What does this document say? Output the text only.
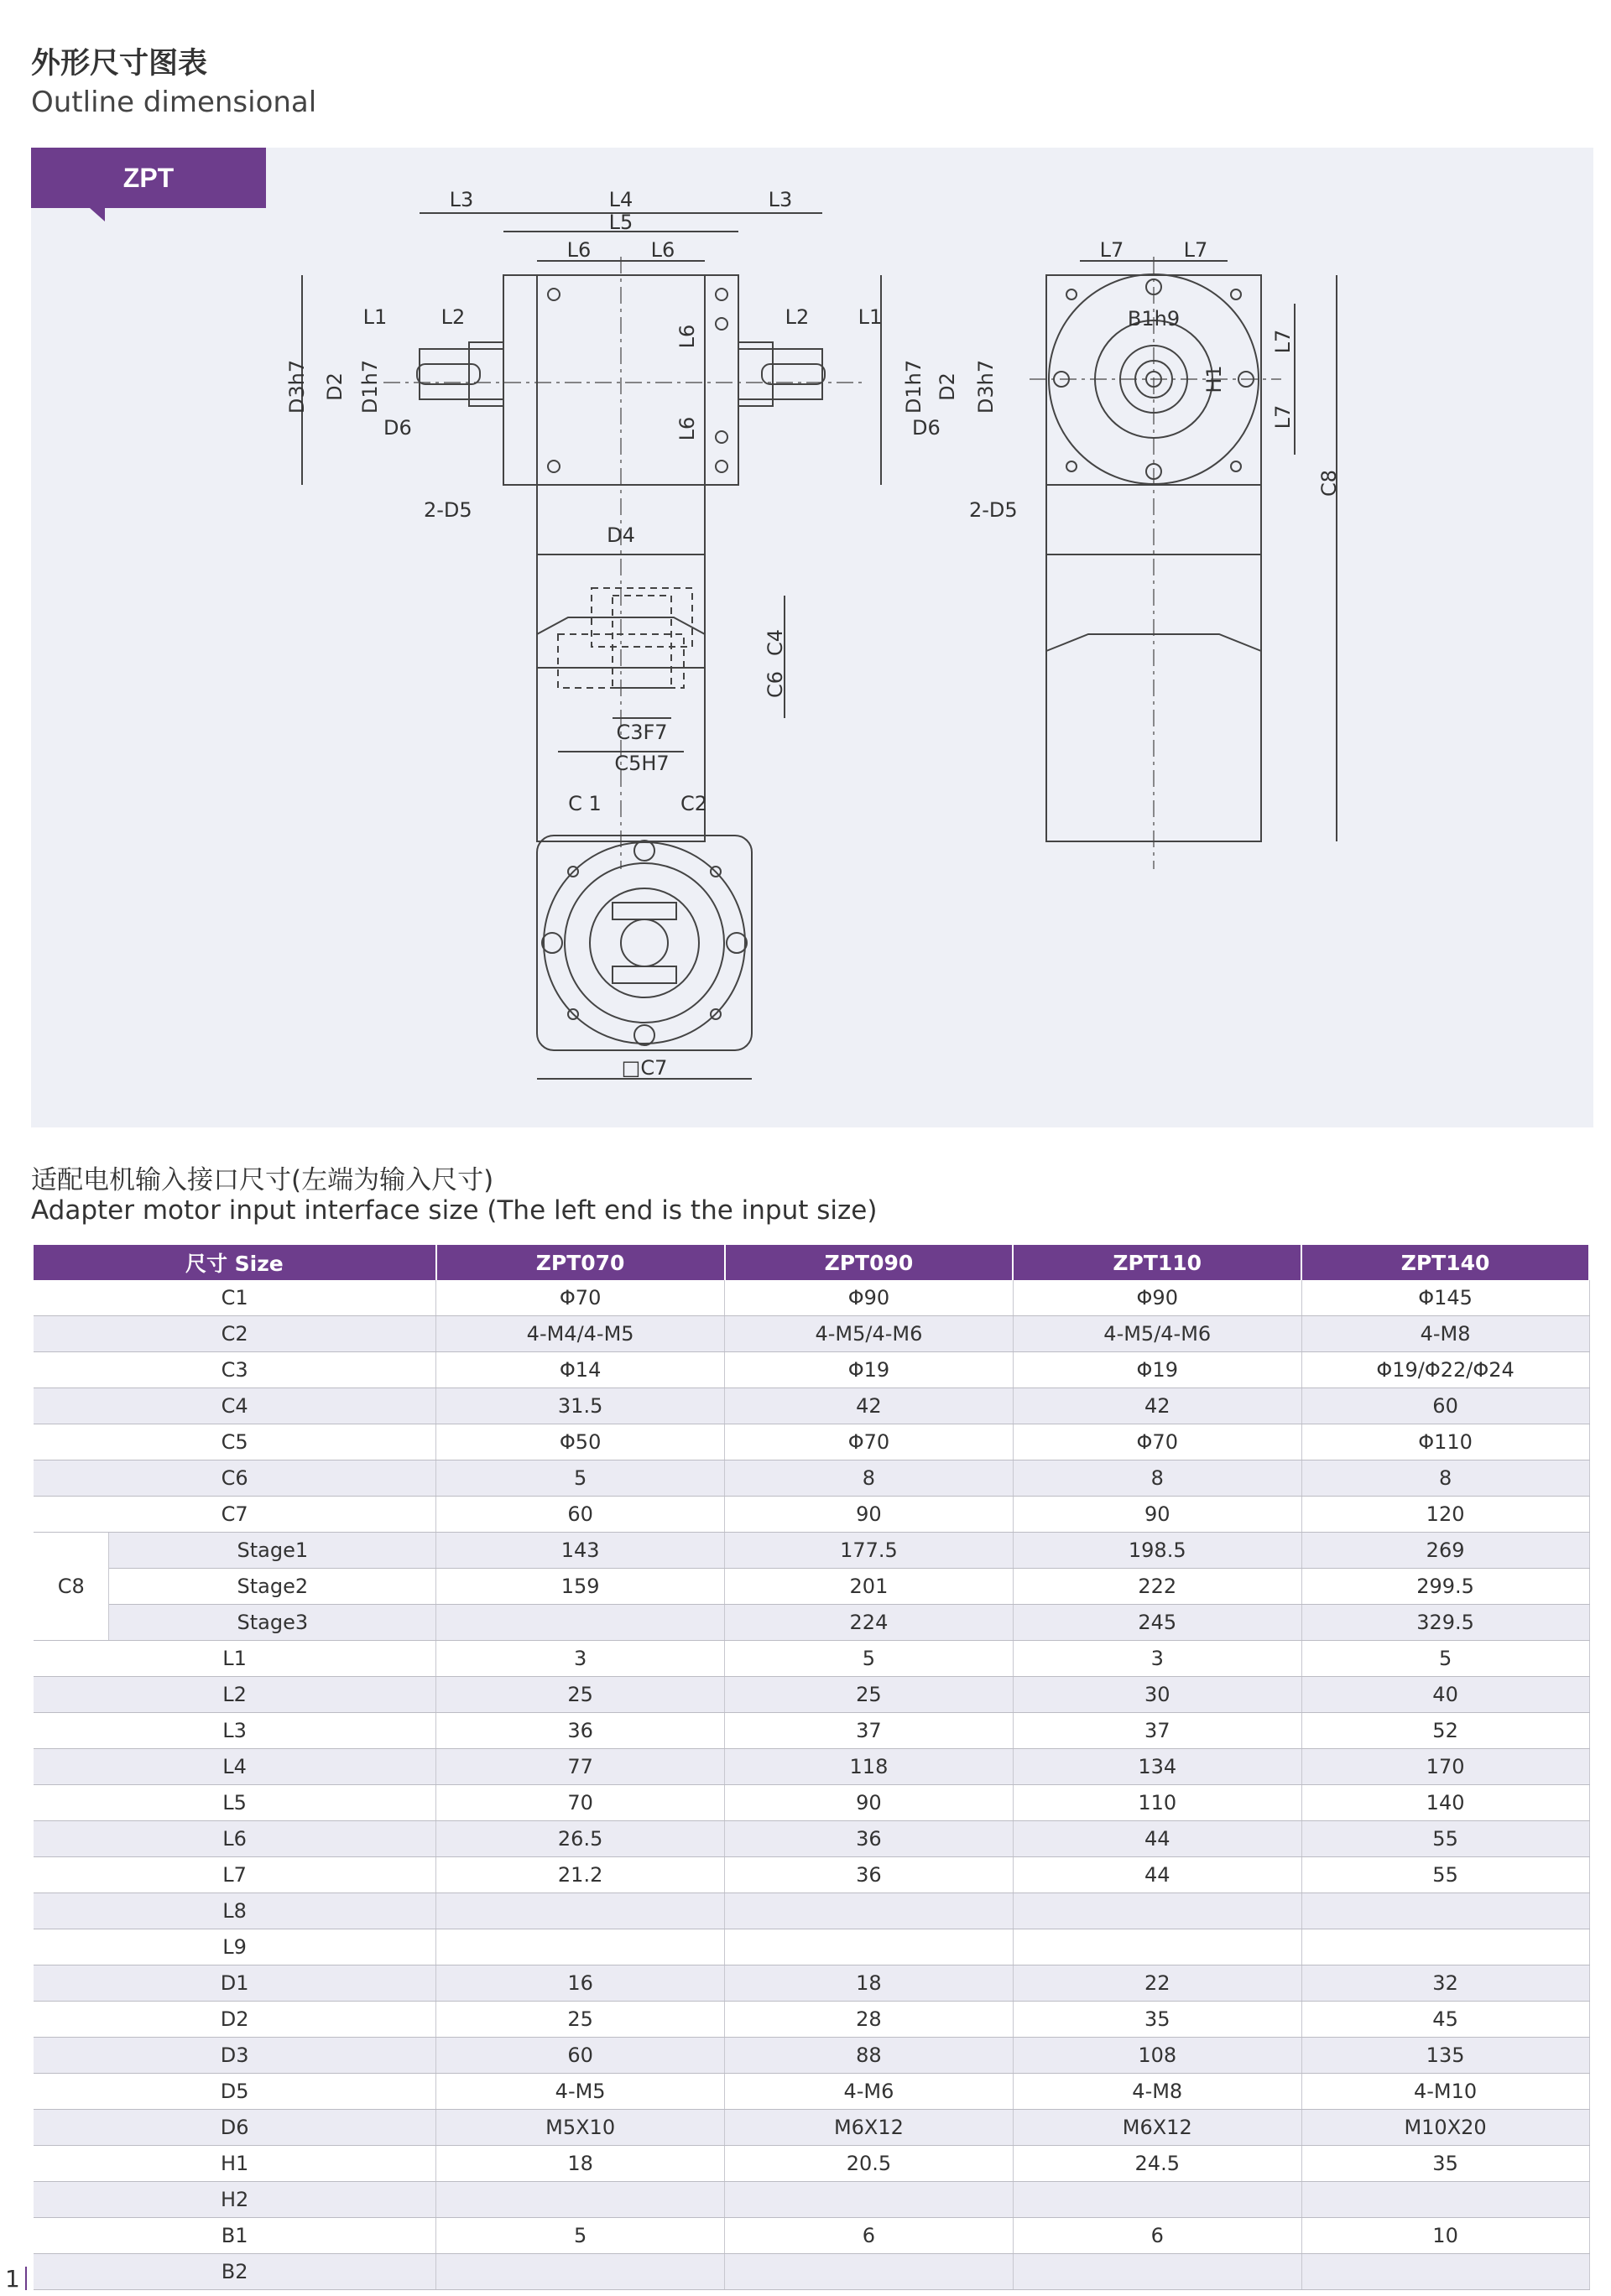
外形尺寸图表
Outline dimensional
ZPT
L3	L4	L3
L5
L6	L6
L1	L2	L2 L1
D6	D6
2-D5	2-D5
D4
C3F7
C5H7
C 1	C2
□C7
L7	L7
B1h9
D3h7 D2 D1h7	D1h7 D2 D3h7
L6
L6
C4
C6
H1
L7
L7
C8
适配电机输入接口尺寸(左端为输入尺寸)
Adapter motor input interface size (The left end is the input size)
尺寸 Size		ZPT070	ZPT090	ZPT110	ZPT140
C1		Φ70	Φ90	Φ90	Φ145
C2		4-M4/4-M5	4-M5/4-M6	4-M5/4-M6	4-M8
C3		Φ14	Φ19	Φ19	Φ19/Φ22/Φ24
C4		31.5	42	42	60
C5		Φ50	Φ70	Φ70	Φ110
C6		5	8	8	8
C7		60	90	90	120
C8	Stage1	143	177.5	198.5	269
	Stage2	159	201	222	299.5
	Stage3		224	245	329.5
L1		3	5	3	5
L2		25	25	30	40
L3		36	37	37	52
L4		77	118	134	170
L5		70	90	110	140
L6		26.5	36	44	55
L7		21.2	36	44	55
L8					
L9					
D1		16	18	22	32
D2		25	28	35	45
D3		60	88	108	135
D5		4-M5	4-M6	4-M8	4-M10
D6		M5X10	M6X12	M6X12	M10X20
H1		18	20.5	24.5	35
H2					
B1		5	6	6	10
B2					
1
